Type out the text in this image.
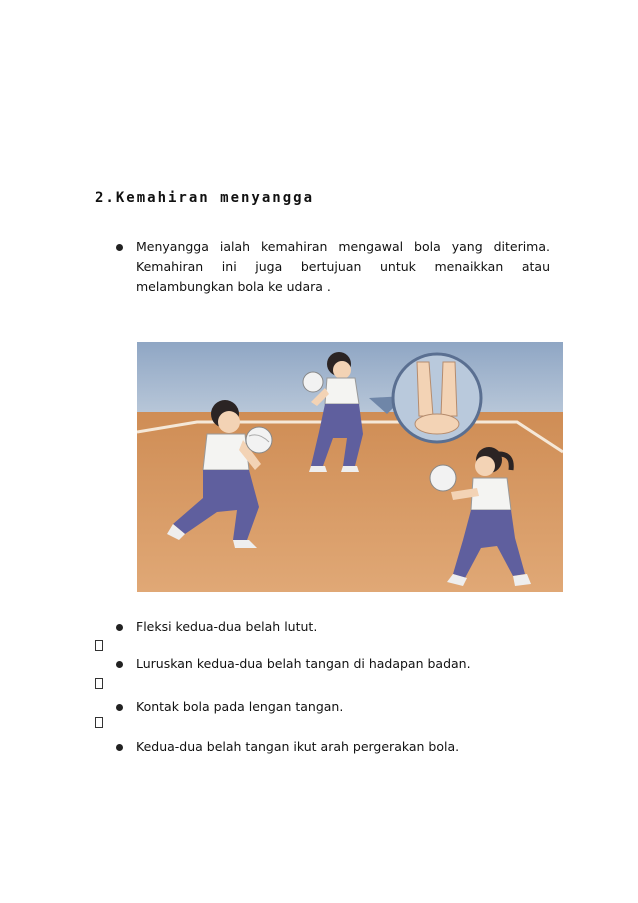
2.Kemahiran menyangga
Menyangga ialah kemahiran mengawal bola yang diterima.
Kemahiran ini juga bertujuan untuk menaikkan atau
melambungkan bola ke udara .
Fleksi kedua-dua belah lutut.
Luruskan kedua-dua belah tangan di hadapan badan.
Kontak bola pada lengan tangan.
Kedua-dua belah tangan ikut arah pergerakan bola.
